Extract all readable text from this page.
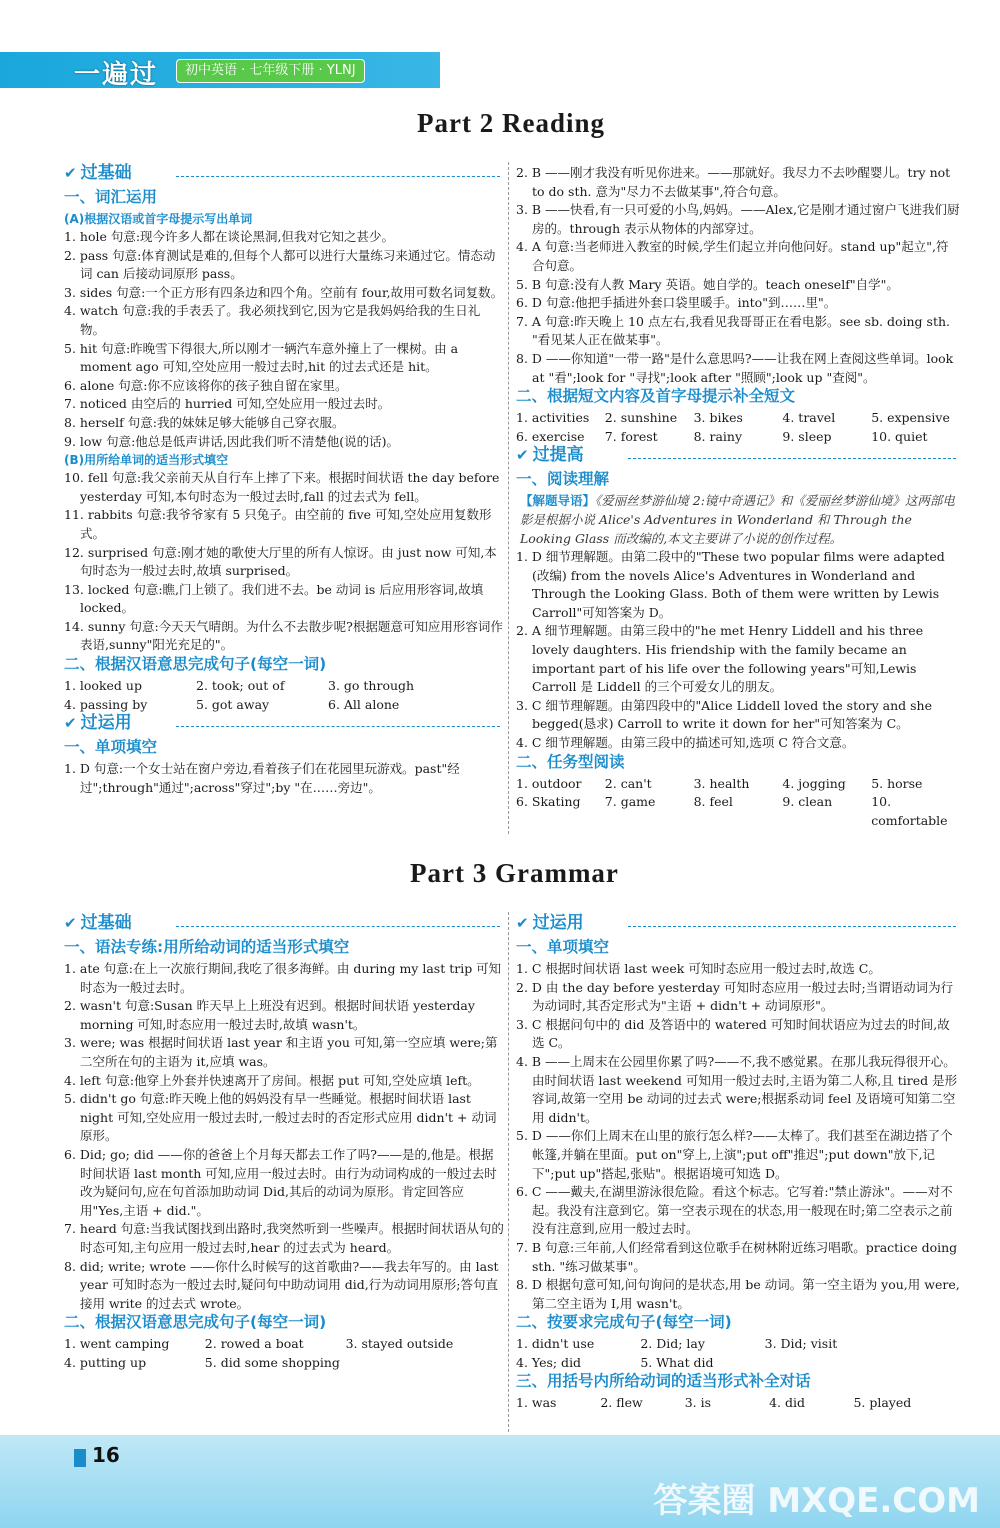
一遍过	初中英语 · 七年级下册 · YLNJ
Part 2 Reading
✔ 过基础
一、词汇运用
(A)根据汉语或首字母提示写出单词

1. hole 句意:现今许多人都在谈论黑洞,但我对它知之甚少。

2. pass 句意:体育测试是难的,但每个人都可以进行大量练习来通过它。情态动词 can 后接动词原形 pass。

3. sides 句意:一个正方形有四条边和四个角。空前有 four,故用可数名词复数。

4. watch 句意:我的手表丢了。我必须找到它,因为它是我妈妈给我的生日礼物。

5. hit 句意:昨晚雪下得很大,所以刚才一辆汽车意外撞上了一棵树。由 a moment ago 可知,空处应用一般过去时,hit 的过去式还是 hit。

6. alone 句意:你不应该将你的孩子独自留在家里。

7. noticed 由空后的 hurried 可知,空处应用一般过去时。

8. herself 句意:我的妹妹足够大能够自己穿衣服。

9. low 句意:他总是低声讲话,因此我们听不清楚他(说的话)。

(B)用所给单词的适当形式填空

10. fell 句意:我父亲前天从自行车上摔了下来。根据时间状语 the day before yesterday 可知,本句时态为一般过去时,fall 的过去式为 fell。

11. rabbits 句意:我爷爷家有 5 只兔子。由空前的 five 可知,空处应用复数形式。

12. surprised 句意:刚才她的歌使大厅里的所有人惊讶。由 just now 可知,本句时态为一般过去时,故填 surprised。

13. locked 句意:瞧,门上锁了。我们进不去。be 动词 is 后应用形容词,故填 locked。

14. sunny 句意:今天天气晴朗。为什么不去散步呢?根据题意可知应用形容词作表语,sunny"阳光充足的"。

二、根据汉语意思完成句子(每空一词)
1. looked up	2. took; out of	3. go through
4. passing by	5. got away	6. All alone
✔ 过运用
一、单项填空

1. D 句意:一个女士站在窗户旁边,看着孩子们在花园里玩游戏。past"经过";through"通过";across"穿过";by "在……旁边"。

2. B ——刚才我没有听见你进来。——那就好。我尽力不去吵醒婴儿。try not to do sth. 意为"尽力不去做某事",符合句意。

3. B ——快看,有一只可爱的小鸟,妈妈。——Alex,它是刚才通过窗户飞进我们厨房的。through 表示从物体的内部穿过。

4. A 句意:当老师进入教室的时候,学生们起立并向他问好。stand up"起立",符合句意。

5. B 句意:没有人教 Mary 英语。她自学的。teach oneself"自学"。

6. D 句意:他把手插进外套口袋里暖手。into"到……里"。

7. A 句意:昨天晚上 10 点左右,我看见我哥哥正在看电影。see sb. doing sth. "看见某人正在做某事"。

8. D ——你知道"一带一路"是什么意思吗?——让我在网上查阅这些单词。look at "看";look for "寻找";look after "照顾";look up "查阅"。

二、根据短文内容及首字母提示补全短文
1. activities	2. sunshine	3. bikes	4. travel	5. expensive
6. exercise	7. forest	8. rainy	9. sleep	10. quiet
✔ 过提高
一、阅读理解

【解题导语】《爱丽丝梦游仙境 2:镜中奇遇记》和《爱丽丝梦游仙境》这两部电影是根据小说 Alice's Adventures in Wonderland 和 Through the Looking Glass 而改编的,本文主要讲了小说的创作过程。

1. D 细节理解题。由第二段中的"These two popular films were adapted (改编) from the novels Alice's Adventures in Wonderland and Through the Looking Glass. Both of them were written by Lewis Carroll"可知答案为 D。

2. A 细节理解题。由第三段中的"he met Henry Liddell and his three lovely daughters. His friendship with the family became an important part of his life over the following years"可知,Lewis Carroll 是 Liddell 的三个可爱女儿的朋友。

3. C 细节理解题。由第四段中的"Alice Liddell loved the story and she begged(恳求) Carroll to write it down for her"可知答案为 C。

4. C 细节理解题。由第三段中的描述可知,选项 C 符合文意。

二、任务型阅读
1. outdoor	2. can't	3. health	4. jogging	5. horse
6. Skating	7. game	8. feel	9. clean	10. comfortable
Part 3 Grammar
✔ 过基础
一、语法专练:用所给动词的适当形式填空

1. ate 句意:在上一次旅行期间,我吃了很多海鲜。由 during my last trip 可知时态为一般过去时。

2. wasn't 句意:Susan 昨天早上上班没有迟到。根据时间状语 yesterday morning 可知,时态应用一般过去时,故填 wasn't。

3. were; was 根据时间状语 last year 和主语 you 可知,第一空应填 were;第二空所在句的主语为 it,应填 was。

4. left 句意:他穿上外套并快速离开了房间。根据 put 可知,空处应填 left。

5. didn't go 句意:昨天晚上他的妈妈没有早一些睡觉。根据时间状语 last night 可知,空处应用一般过去时,一般过去时的否定形式应用 didn't + 动词原形。

6. Did; go; did ——你的爸爸上个月每天都去工作了吗?——是的,他是。根据时间状语 last month 可知,应用一般过去时。由行为动词构成的一般过去时改为疑问句,应在句首添加助动词 Did,其后的动词为原形。肯定回答应用"Yes,主语 + did."。

7. heard 句意:当我试图找到出路时,我突然听到一些噪声。根据时间状语从句的时态可知,主句应用一般过去时,hear 的过去式为 heard。

8. did; write; wrote ——你什么时候写的这首歌曲?——我去年写的。由 last year 可知时态为一般过去时,疑问句中助动词用 did,行为动词用原形;答句直接用 write 的过去式 wrote。

二、根据汉语意思完成句子(每空一词)
1. went camping	2. rowed a boat	3. stayed outside
4. putting up	5. did some shopping
✔ 过运用
一、单项填空

1. C 根据时间状语 last week 可知时态应用一般过去时,故选 C。

2. D 由 the day before yesterday 可知时态应用一般过去时;当谓语动词为行为动词时,其否定形式为"主语 + didn't + 动词原形"。

3. C 根据问句中的 did 及答语中的 watered 可知时间状语应为过去的时间,故选 C。

4. B ——上周末在公园里你累了吗?——不,我不感觉累。在那儿我玩得很开心。由时间状语 last weekend 可知用一般过去时,主语为第二人称,且 tired 是形容词,故第一空用 be 动词的过去式 were;根据系动词 feel 及语境可知第二空用 didn't。

5. D ——你们上周末在山里的旅行怎么样?——太棒了。我们甚至在湖边搭了个帐篷,并躺在里面。put on"穿上,上演";put off"推迟";put down"放下,记下";put up"搭起,张贴"。根据语境可知选 D。

6. C ——戴夫,在湖里游泳很危险。看这个标志。它写着:"禁止游泳"。——对不起。我没有注意到它。第一空表示现在的状态,用一般现在时;第二空表示之前没有注意到,应用一般过去时。

7. B 句意:三年前,人们经常看到这位歌手在树林附近练习唱歌。practice doing sth. "练习做某事"。

8. D 根据句意可知,问句询问的是状态,用 be 动词。第一空主语为 you,用 were,第二空主语为 I,用 wasn't。

二、按要求完成句子(每空一词)
1. didn't use	2. Did; lay	3. Did; visit
4. Yes; did	5. What did
三、用括号内所给动词的适当形式补全对话
1. was	2. flew	3. is	4. did	5. played
16
答案圈 MXQE.COM
